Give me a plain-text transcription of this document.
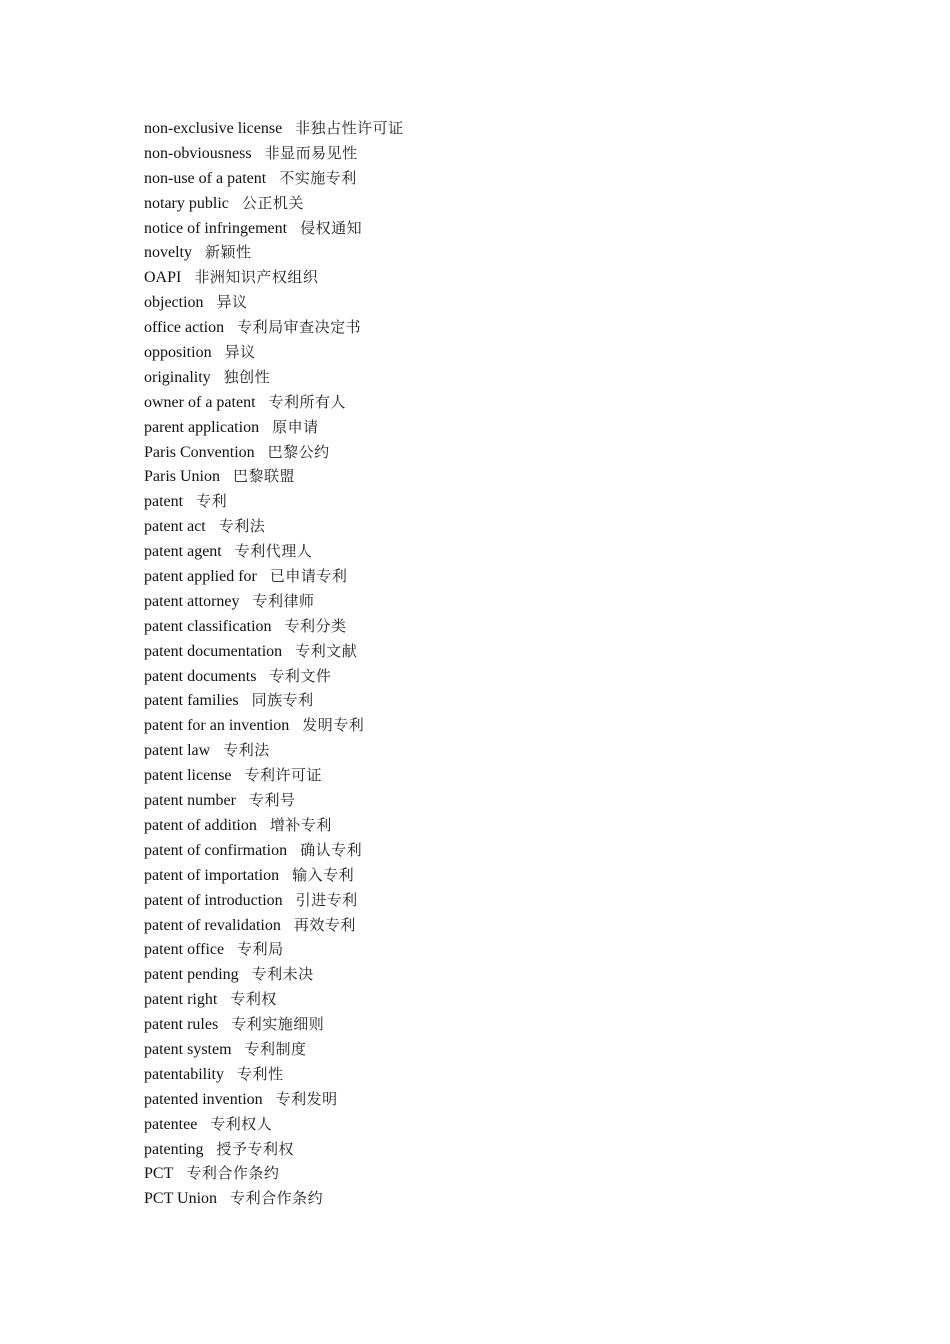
non-exclusive license 非独占性许可证
non-obviousness 非显而易见性
non-use of a patent 不实施专利
notary public 公正机关
notice of infringement 侵权通知
novelty 新颖性
OAPI 非洲知识产权组织
objection 异议
office action 专利局审查决定书
opposition 异议
originality 独创性
owner of a patent 专利所有人
parent application 原申请
Paris Convention 巴黎公约
Paris Union 巴黎联盟
patent 专利
patent act 专利法
patent agent 专利代理人
patent applied for 已申请专利
patent attorney 专利律师
patent classification 专利分类
patent documentation 专利文献
patent documents 专利文件
patent families 同族专利
patent for an invention 发明专利
patent law 专利法
patent license 专利许可证
patent number 专利号
patent of addition 增补专利
patent of confirmation 确认专利
patent of importation 输入专利
patent of introduction 引进专利
patent of revalidation 再效专利
patent office 专利局
patent pending 专利未决
patent right 专利权
patent rules 专利实施细则
patent system 专利制度
patentability 专利性
patented invention 专利发明
patentee 专利权人
patenting 授予专利权
PCT 专利合作条约
PCT Union 专利合作条约
